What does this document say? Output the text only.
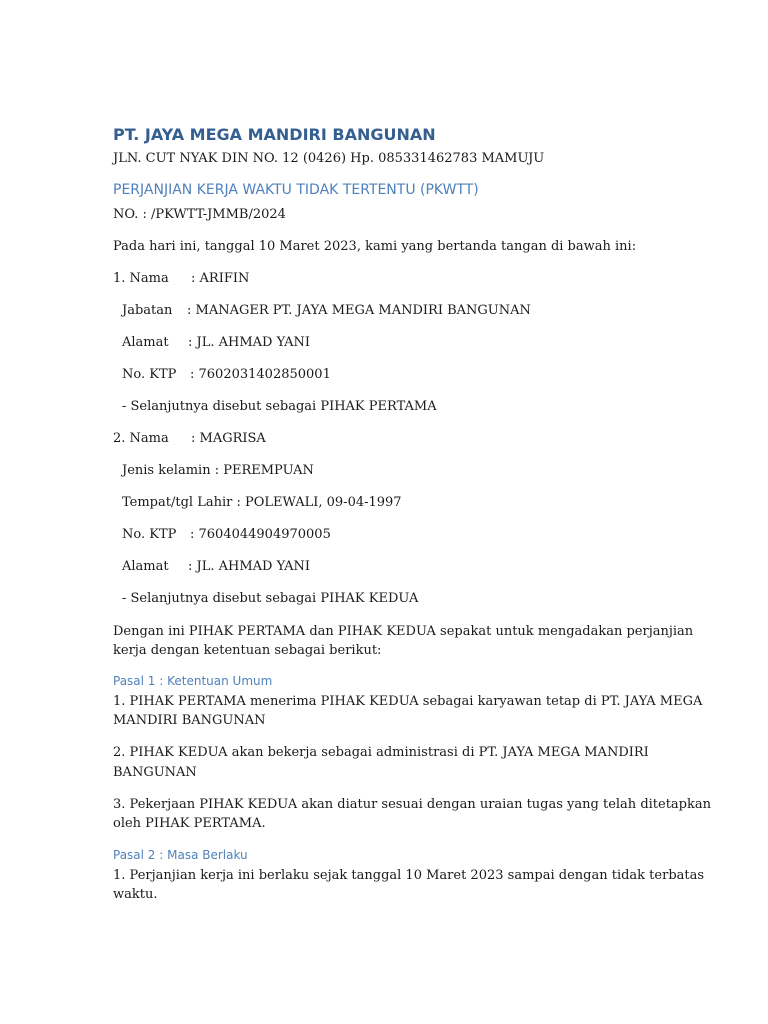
PT. JAYA MEGA MANDIRI BANGUNAN
JLN. CUT NYAK DIN NO. 12 (0426) Hp. 085331462783 MAMUJU
PERJANJIAN KERJA WAKTU TIDAK TERTENTU (PKWTT)
NO. : /PKWTT-JMMB/2024
Pada hari ini, tanggal 10 Maret 2023, kami yang bertanda tangan di bawah ini:
1. Nama	: ARIFIN
Jabatan	: MANAGER PT. JAYA MEGA MANDIRI BANGUNAN
Alamat	: JL. AHMAD YANI
No. KTP	: 7602031402850001
- Selanjutnya disebut sebagai PIHAK PERTAMA
2. Nama	: MAGRISA
Jenis kelamin : PEREMPUAN
Tempat/tgl Lahir : POLEWALI, 09-04-1997
No. KTP	: 7604044904970005
Alamat	: JL. AHMAD YANI
- Selanjutnya disebut sebagai PIHAK KEDUA
Dengan ini PIHAK PERTAMA dan PIHAK KEDUA sepakat untuk mengadakan perjanjian
kerja dengan ketentuan sebagai berikut:
Pasal 1 : Ketentuan Umum
1. PIHAK PERTAMA menerima PIHAK KEDUA sebagai karyawan tetap di PT. JAYA MEGA
MANDIRI BANGUNAN
2. PIHAK KEDUA akan bekerja sebagai administrasi di PT. JAYA MEGA MANDIRI
BANGUNAN
3. Pekerjaan PIHAK KEDUA akan diatur sesuai dengan uraian tugas yang telah ditetapkan
oleh PIHAK PERTAMA.
Pasal 2 : Masa Berlaku
1. Perjanjian kerja ini berlaku sejak tanggal 10 Maret 2023 sampai dengan tidak terbatas
waktu.
